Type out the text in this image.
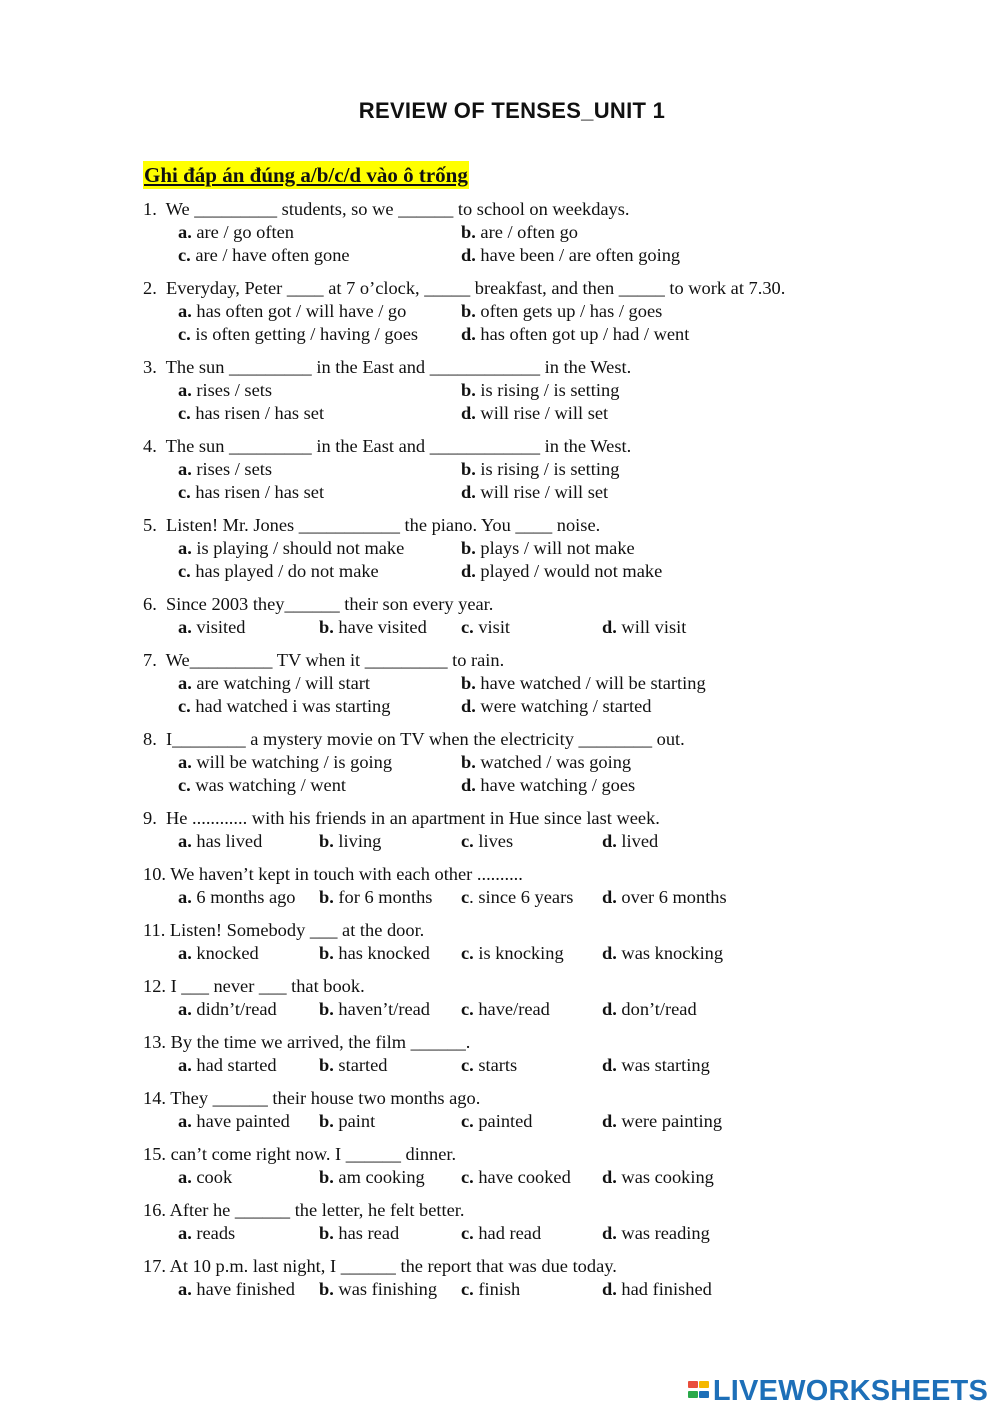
REVIEW OF TENSES_UNIT 1
Ghi đáp án đúng a/b/c/d vào ô trống
1.  We _________ students, so we ______ to school on weekdays.
a. are / go often	b. are / often go
c. are / have often gone	d. have been / are often going
2.  Everyday, Peter ____ at 7 o’clock, _____ breakfast, and then _____ to work at 7.30.
a. has often got / will have / go	b. often gets up / has / goes
c. is often getting / having / goes d. has often got up / had / went
3.  The sun _________ in the East and ____________ in the West.
a. rises / sets	b. is rising / is setting
c. has risen / has set	d. will rise / will set
4.  The sun _________ in the East and ____________ in the West.
a. rises / sets	b. is rising / is setting
c. has risen / has set	d. will rise / will set
5.  Listen! Mr. Jones ___________ the piano. You ____ noise.
a. is playing / should not make	b. plays / will not make
c. has played / do not make	d. played / would not make
6.  Since 2003 they______ their son every year.
a. visited	b. have visited c. visit	d. will visit
7.  We_________ TV when it _________ to rain.
a. are watching / will start	b. have watched / will be starting
c. had watched i was starting	d. were watching / started
8.  I________ a mystery movie on TV when the electricity ________ out.
a. will be watching / is going	b. watched / was going
c. was watching / went	d. have watching / goes
9.  He ............ with his friends in an apartment in Hue since last week.
a. has lived	b. living	c. lives	d. lived
10. We haven’t kept in touch with each other ..........
a. 6 months ago b. for 6 months c. since 6 years d. over 6 months
11. Listen! Somebody ___ at the door.
a. knocked	b. has knocked c. is knocking d. was knocking
12. I ___ never ___ that book.
a. didn’t/read b. haven’t/read c. have/read	d. don’t/read
13. By the time we arrived, the film ______.
a. had started b. started	c. starts	d. was starting
14. They ______ their house two months ago.
a. have painted b. paint	c. painted	d. were painting
15. can’t come right now. I ______ dinner.
a. cook	b. am cooking c. have cooked d. was cooking
16. After he ______ the letter, he felt better.
a. reads	b. has read	c. had read	d. was reading
17. At 10 p.m. last night, I ______ the report that was due today.
a. have finished b. was finishing c. finish	d. had finished
LIVEWORKSHEETS
